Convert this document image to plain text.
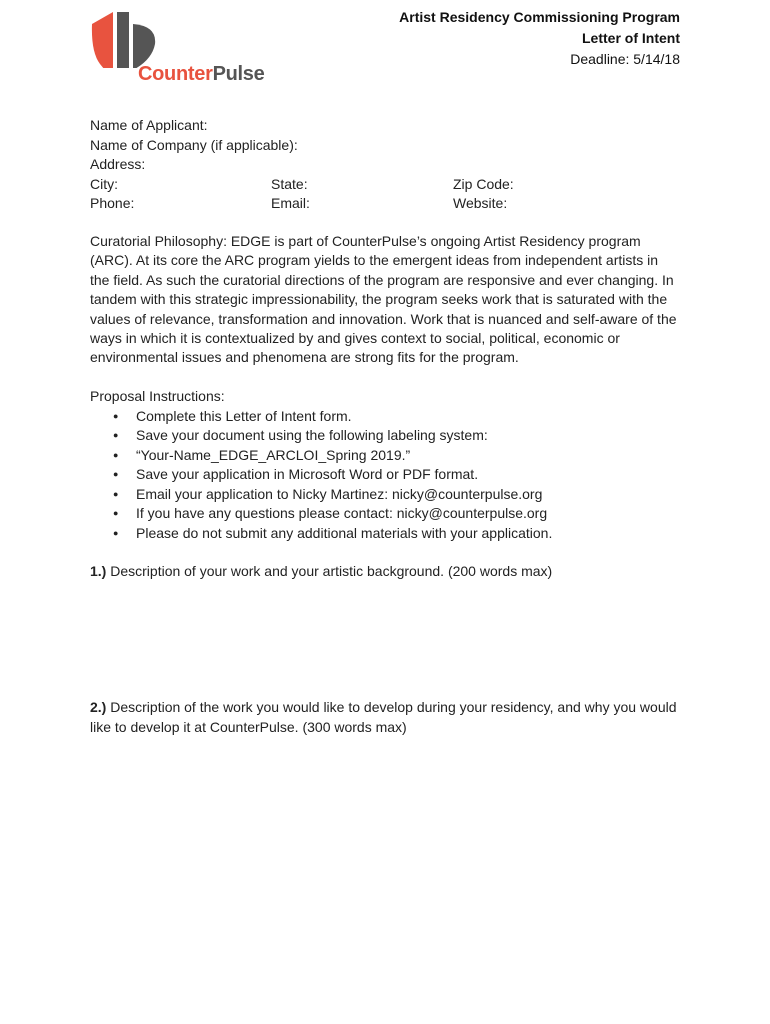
CounterPulse
Artist Residency Commissioning Program
Letter of Intent
Deadline: 5/14/18
Name of Applicant:
Name of Company (if applicable):
Address:
City:	State:	Zip Code:
Phone:	Email:	Website:
Curatorial Philosophy: EDGE is part of CounterPulse’s ongoing Artist Residency program (ARC). At its core the ARC program yields to the emergent ideas from independent artists in the field. As such the curatorial directions of the program are responsive and ever changing. In tandem with this strategic impressionability, the program seeks work that is saturated with the values of relevance, transformation and innovation. Work that is nuanced and self-aware of the ways in which it is contextualized by and gives context to social, political, economic or environmental issues and phenomena are strong fits for the program.
Proposal Instructions:
● Complete this Letter of Intent form.
● Save your document using the following labeling system:
● “Your-Name_EDGE_ARCLOI_Spring 2019.”
● Save your application in Microsoft Word or PDF format.
● Email your application to Nicky Martinez: nicky@counterpulse.org
● If you have any questions please contact: nicky@counterpulse.org
● Please do not submit any additional materials with your application.
1.) Description of your work and your artistic background. (200 words max)
2.) Description of the work you would like to develop during your residency, and why you would like to develop it at CounterPulse. (300 words max)
